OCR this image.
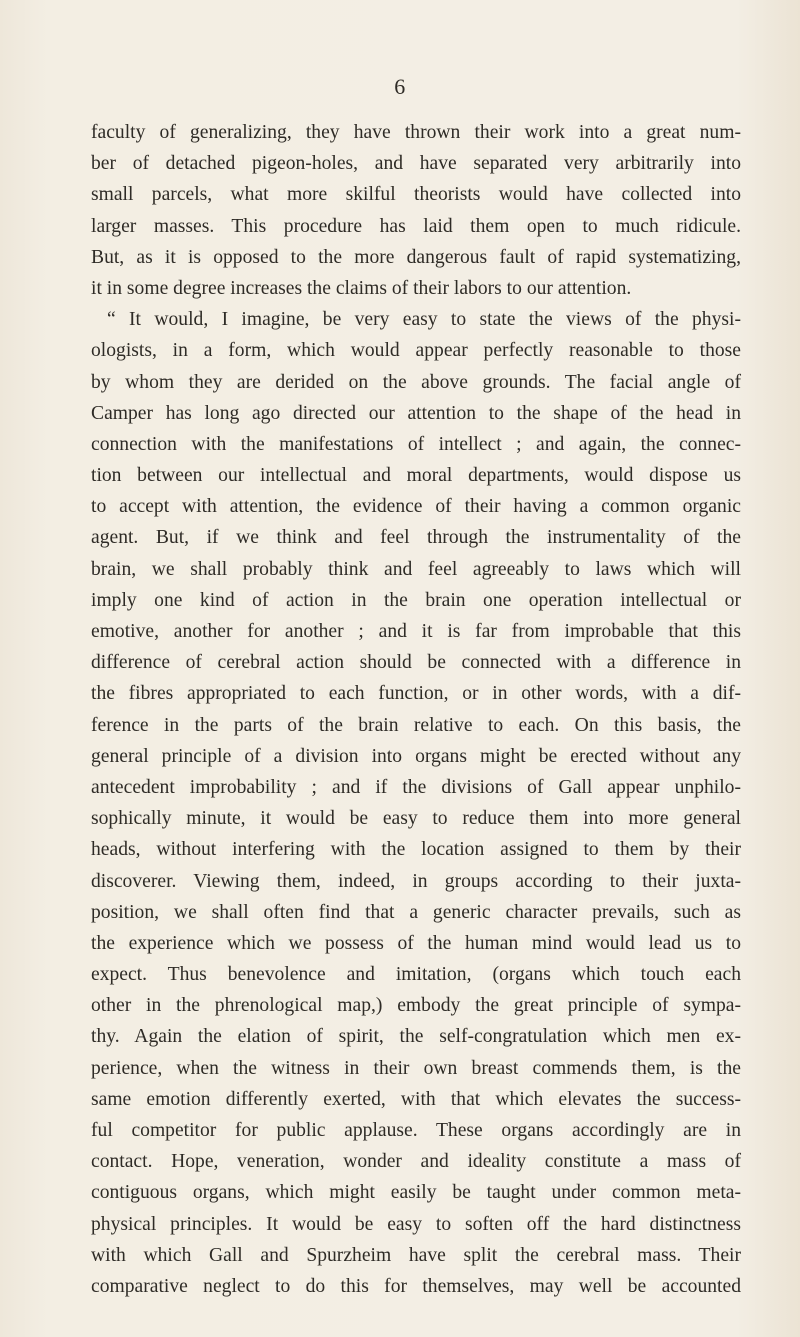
6
faculty of generalizing, they have thrown their work into a great num-
ber of detached pigeon-holes, and have separated very arbitrarily into
small parcels, what more skilful theorists would have collected into
larger masses. This procedure has laid them open to much ridicule.
But, as it is opposed to the more dangerous fault of rapid systematizing,
it in some degree increases the claims of their labors to our attention.
“ It would, I imagine, be very easy to state the views of the physi-
ologists, in a form, which would appear perfectly reasonable to those
by whom they are derided on the above grounds. The facial angle of
Camper has long ago directed our attention to the shape of the head in
connection with the manifestations of intellect ; and again, the connec-
tion between our intellectual and moral departments, would dispose us
to accept with attention, the evidence of their having a common organic
agent. But, if we think and feel through the instrumentality of the
brain, we shall probably think and feel agreeably to laws which will
imply one kind of action in the brain one operation intellectual or
emotive, another for another ; and it is far from improbable that this
difference of cerebral action should be connected with a difference in
the fibres appropriated to each function, or in other words, with a dif-
ference in the parts of the brain relative to each. On this basis, the
general principle of a division into organs might be erected without any
antecedent improbability ; and if the divisions of Gall appear unphilo-
sophically minute, it would be easy to reduce them into more general
heads, without interfering with the location assigned to them by their
discoverer. Viewing them, indeed, in groups according to their juxta-
position, we shall often find that a generic character prevails, such as
the experience which we possess of the human mind would lead us to
expect. Thus benevolence and imitation, (organs which touch each
other in the phrenological map,) embody the great principle of sympa-
thy. Again the elation of spirit, the self-congratulation which men ex-
perience, when the witness in their own breast commends them, is the
same emotion differently exerted, with that which elevates the success-
ful competitor for public applause. These organs accordingly are in
contact. Hope, veneration, wonder and ideality constitute a mass of
contiguous organs, which might easily be taught under common meta-
physical principles. It would be easy to soften off the hard distinctness
with which Gall and Spurzheim have split the cerebral mass. Their
comparative neglect to do this for themselves, may well be accounted
